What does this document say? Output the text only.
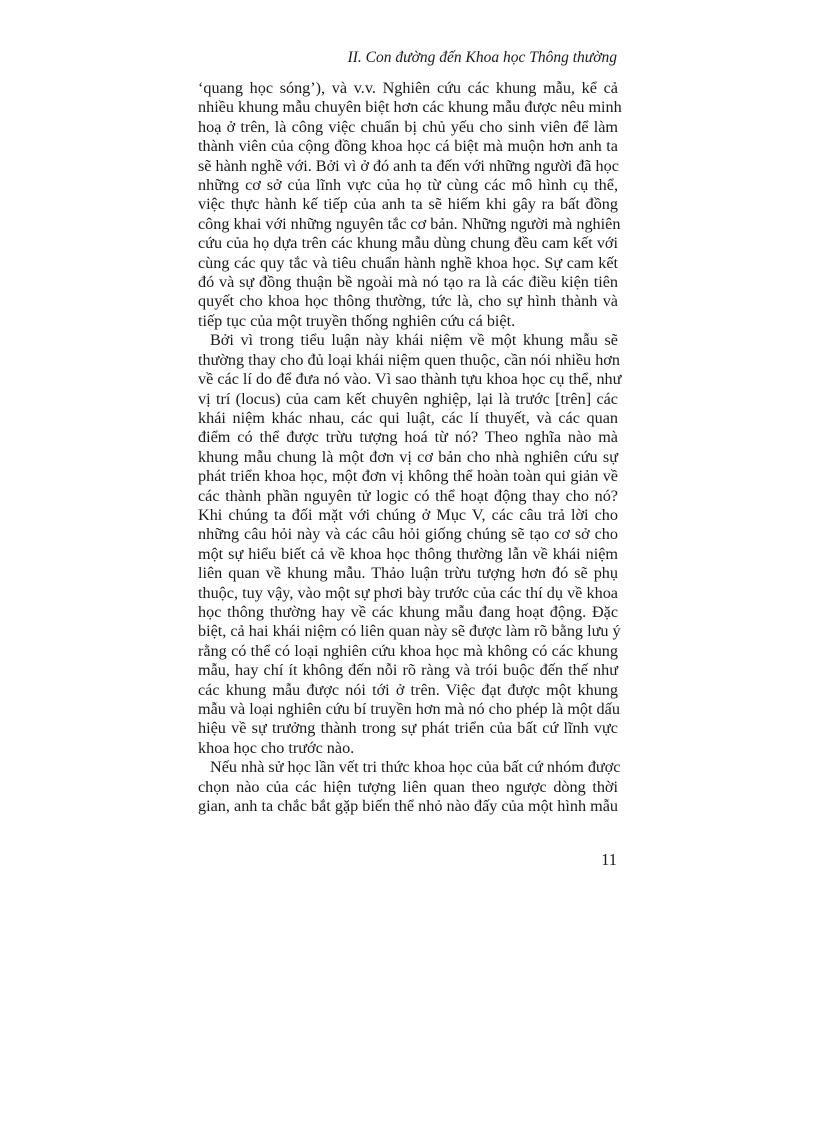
II. Con đường đến Khoa học Thông thường

‘quang học sóng’), và v.v. Nghiên cứu các khung mẫu, kể cả
nhiều khung mẫu chuyên biệt hơn các khung mẫu được nêu minh
hoạ ở trên, là công việc chuẩn bị chủ yếu cho sinh viên để làm
thành viên của cộng đồng khoa học cá biệt mà muộn hơn anh ta
sẽ hành nghề với. Bởi vì ở đó anh ta đến với những người đã học
những cơ sở của lĩnh vực của họ từ cùng các mô hình cụ thể,
việc thực hành kế tiếp của anh ta sẽ hiếm khi gây ra bất đồng
công khai với những nguyên tắc cơ bản. Những người mà nghiên
cứu của họ dựa trên các khung mẫu dùng chung đều cam kết với
cùng các quy tắc và tiêu chuẩn hành nghề khoa học. Sự cam kết
đó và sự đồng thuận bề ngoài mà nó tạo ra là các điều kiện tiên
quyết cho khoa học thông thường, tức là, cho sự hình thành và
tiếp tục của một truyền thống nghiên cứu cá biệt.

Bởi vì trong tiểu luận này khái niệm về một khung mẫu sẽ
thường thay cho đủ loại khái niệm quen thuộc, cần nói nhiều hơn
về các lí do để đưa nó vào. Vì sao thành tựu khoa học cụ thể, như
vị trí (locus) của cam kết chuyên nghiệp, lại là trước [trên] các
khái niệm khác nhau, các qui luật, các lí thuyết, và các quan
điểm có thể được trừu tượng hoá từ nó? Theo nghĩa nào mà
khung mẫu chung là một đơn vị cơ bản cho nhà nghiên cứu sự
phát triển khoa học, một đơn vị không thể hoàn toàn qui giản về
các thành phần nguyên tử logic có thể hoạt động thay cho nó?
Khi chúng ta đối mặt với chúng ở Mục V, các câu trả lời cho
những câu hỏi này và các câu hỏi giống chúng sẽ tạo cơ sở cho
một sự hiểu biết cả về khoa học thông thường lẫn về khái niệm
liên quan về khung mẫu. Thảo luận trừu tượng hơn đó sẽ phụ
thuộc, tuy vậy, vào một sự phơi bày trước của các thí dụ về khoa
học thông thường hay về các khung mẫu đang hoạt động. Đặc
biệt, cả hai khái niệm có liên quan này sẽ được làm rõ bằng lưu ý
rằng có thể có loại nghiên cứu khoa học mà không có các khung
mẫu, hay chí ít không đến nỗi rõ ràng và trói buộc đến thế như
các khung mẫu được nói tới ở trên. Việc đạt được một khung
mẫu và loại nghiên cứu bí truyền hơn mà nó cho phép là một dấu
hiệu về sự trưởng thành trong sự phát triển của bất cứ lĩnh vực
khoa học cho trước nào.

Nếu nhà sử học lần vết tri thức khoa học của bất cứ nhóm được
chọn nào của các hiện tượng liên quan theo ngược dòng thời
gian, anh ta chắc bắt gặp biến thể nhỏ nào đấy của một hình mẫu

11
